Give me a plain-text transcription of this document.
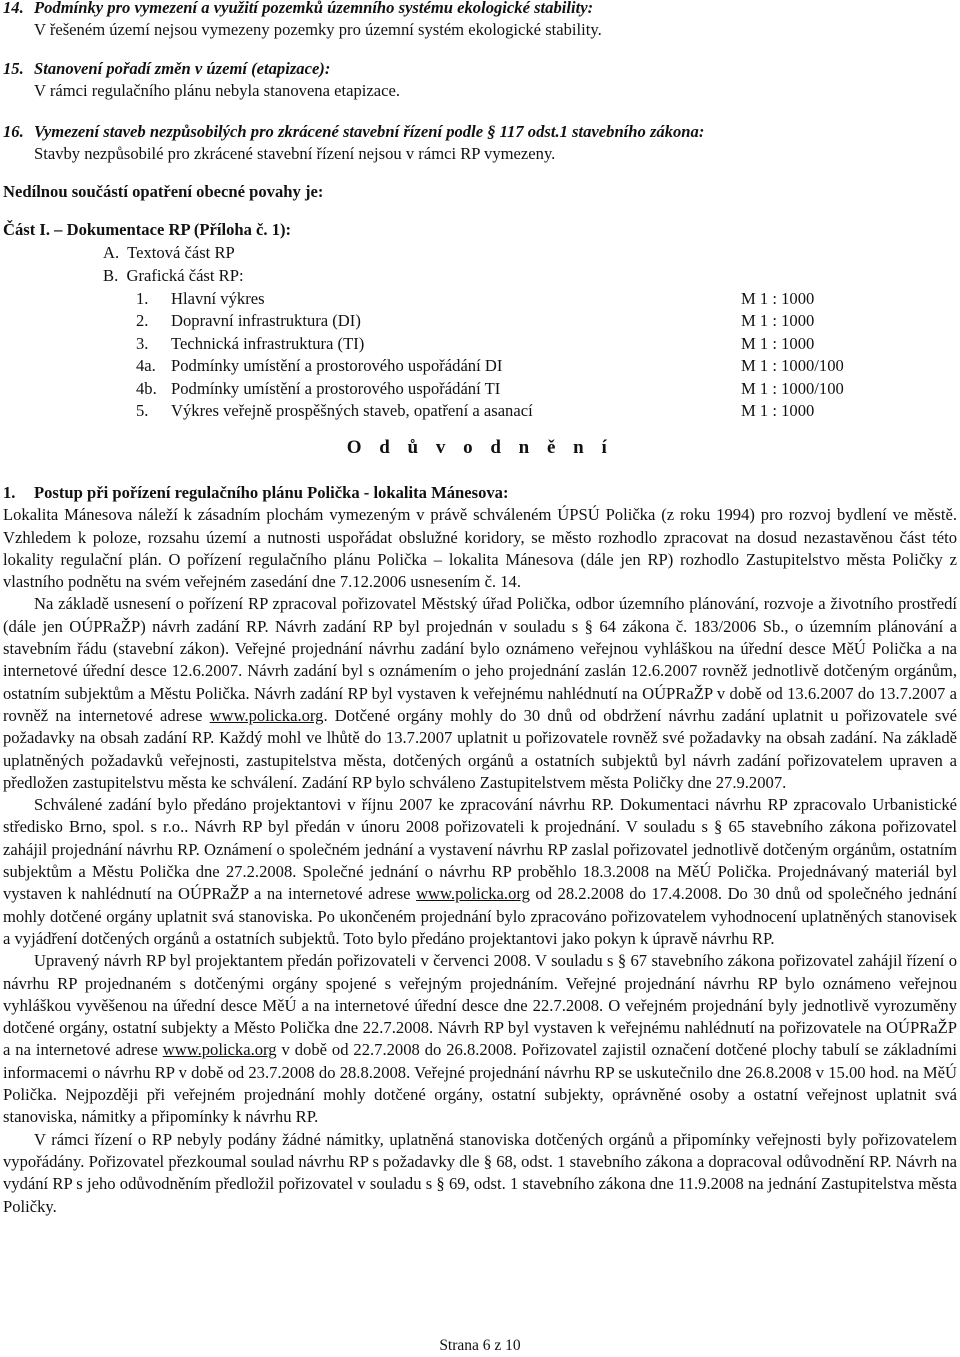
14. Podmínky pro vymezení a využití pozemků územního systému ekologické stability:
V řešeném území nejsou vymezeny pozemky pro územní systém ekologické stability.
15. Stanovení pořadí změn v území (etapizace):
V rámci regulačního plánu nebyla stanovena etapizace.
16. Vymezení staveb nezpůsobilých pro zkrácené stavební řízení podle § 117 odst.1 stavebního zákona:
Stavby nezpůsobilé pro zkrácené stavební řízení nejsou v rámci RP vymezeny.
Nedílnou součástí opatření obecné povahy je:
Část I. – Dokumentace RP (Příloha č. 1):
A. Textová část RP
B. Grafická část RP:
1.	Hlavní výkres	M 1 : 1000
2.	Dopravní infrastruktura (DI)	M 1 : 1000
3.	Technická infrastruktura (TI)	M 1 : 1000
4a. Podmínky umístění a prostorového uspořádání DI	M 1 : 1000/100
4b. Podmínky umístění a prostorového uspořádání TI	M 1 : 1000/100
5.	Výkres veřejně prospěšných staveb, opatření a asanací	M 1 : 1000
O d ů v o d n ě n í
1. Postup při pořízení regulačního plánu Polička - lokalita Mánesova:

Lokalita Mánesova náleží k zásadním plochám vymezeným v právě schváleném ÚPSÚ Polička (z roku 1994) pro rozvoj bydlení ve městě. Vzhledem k poloze, rozsahu území a nutnosti uspořádat obslužné koridory, se město rozhodlo zpracovat na dosud nezastavěnou část této lokality regulační plán. O pořízení regulačního plánu Polička – lokalita Mánesova (dále jen RP) rozhodlo Zastupitelstvo města Poličky z vlastního podnětu na svém veřejném zasedání dne 7.12.2006 usnesením č. 14.

Na základě usnesení o pořízení RP zpracoval pořizovatel Městský úřad Polička, odbor územního plánování, rozvoje a životního prostředí (dále jen OÚPRaŽP) návrh zadání RP. Návrh zadání RP byl projednán v souladu s § 64 zákona č. 183/2006 Sb., o územním plánování a stavebním řádu (stavební zákon). Veřejné projednání návrhu zadání bylo oznámeno veřejnou vyhláškou na úřední desce MěÚ Polička a na internetové úřední desce 12.6.2007. Návrh zadání byl s oznámením o jeho projednání zaslán 12.6.2007 rovněž jednotlivě dotčeným orgánům, ostatním subjektům a Městu Polička. Návrh zadání RP byl vystaven k veřejnému nahlédnutí na OÚPRaŽP v době od 13.6.2007 do 13.7.2007 a rovněž na internetové adrese www.policka.org. Dotčené orgány mohly do 30 dnů od obdržení návrhu zadání uplatnit u pořizovatele své požadavky na obsah zadání RP. Každý mohl ve lhůtě do 13.7.2007 uplatnit u pořizovatele rovněž své požadavky na obsah zadání. Na základě uplatněných požadavků veřejnosti, zastupitelstva města, dotčených orgánů a ostatních subjektů byl návrh zadání pořizovatelem upraven a předložen zastupitelstvu města ke schválení. Zadání RP bylo schváleno Zastupitelstvem města Poličky dne 27.9.2007.

Schválené zadání bylo předáno projektantovi v říjnu 2007 ke zpracování návrhu RP. Dokumentaci návrhu RP zpracovalo Urbanistické středisko Brno, spol. s r.o.. Návrh RP byl předán v únoru 2008 pořizovateli k projednání. V souladu s § 65 stavebního zákona pořizovatel zahájil projednání návrhu RP. Oznámení o společném jednání a vystavení návrhu RP zaslal pořizovatel jednotlivě dotčeným orgánům, ostatním subjektům a Městu Polička dne 27.2.2008. Společné jednání o návrhu RP proběhlo 18.3.2008 na MěÚ Polička. Projednávaný materiál byl vystaven k nahlédnutí na OÚPRaŽP a na internetové adrese www.policka.org od 28.2.2008 do 17.4.2008. Do 30 dnů od společného jednání mohly dotčené orgány uplatnit svá stanoviska. Po ukončeném projednání bylo zpracováno pořizovatelem vyhodnocení uplatněných stanovisek a vyjádření dotčených orgánů a ostatních subjektů. Toto bylo předáno projektantovi jako pokyn k úpravě návrhu RP.

Upravený návrh RP byl projektantem předán pořizovateli v červenci 2008. V souladu s § 67 stavebního zákona pořizovatel zahájil řízení o návrhu RP projednaném s dotčenými orgány spojené s veřejným projednáním. Veřejné projednání návrhu RP bylo oznámeno veřejnou vyhláškou vyvěšenou na úřední desce MěÚ a na internetové úřední desce dne 22.7.2008. O veřejném projednání byly jednotlivě vyrozuměny dotčené orgány, ostatní subjekty a Město Polička dne 22.7.2008. Návrh RP byl vystaven k veřejnému nahlédnutí na pořizovatele na OÚPRaŽP a na internetové adrese www.policka.org v době od 22.7.2008 do 26.8.2008. Pořizovatel zajistil označení dotčené plochy tabulí se základními informacemi o návrhu RP v době od 23.7.2008 do 28.8.2008. Veřejné projednání návrhu RP se uskutečnilo dne 26.8.2008 v 15.00 hod. na MěÚ Polička. Nejpozději při veřejném projednání mohly dotčené orgány, ostatní subjekty, oprávněné osoby a ostatní veřejnost uplatnit svá stanoviska, námitky a připomínky k návrhu RP.

V rámci řízení o RP nebyly podány žádné námitky, uplatněná stanoviska dotčených orgánů a připomínky veřejnosti byly pořizovatelem vypořádány. Pořizovatel přezkoumal soulad návrhu RP s požadavky dle § 68, odst. 1 stavebního zákona a dopracoval odůvodnění RP. Návrh na vydání RP s jeho odůvodněním předložil pořizovatel v souladu s § 69, odst. 1 stavebního zákona dne 11.9.2008 na jednání Zastupitelstva města Poličky.

Strana 6 z 10
